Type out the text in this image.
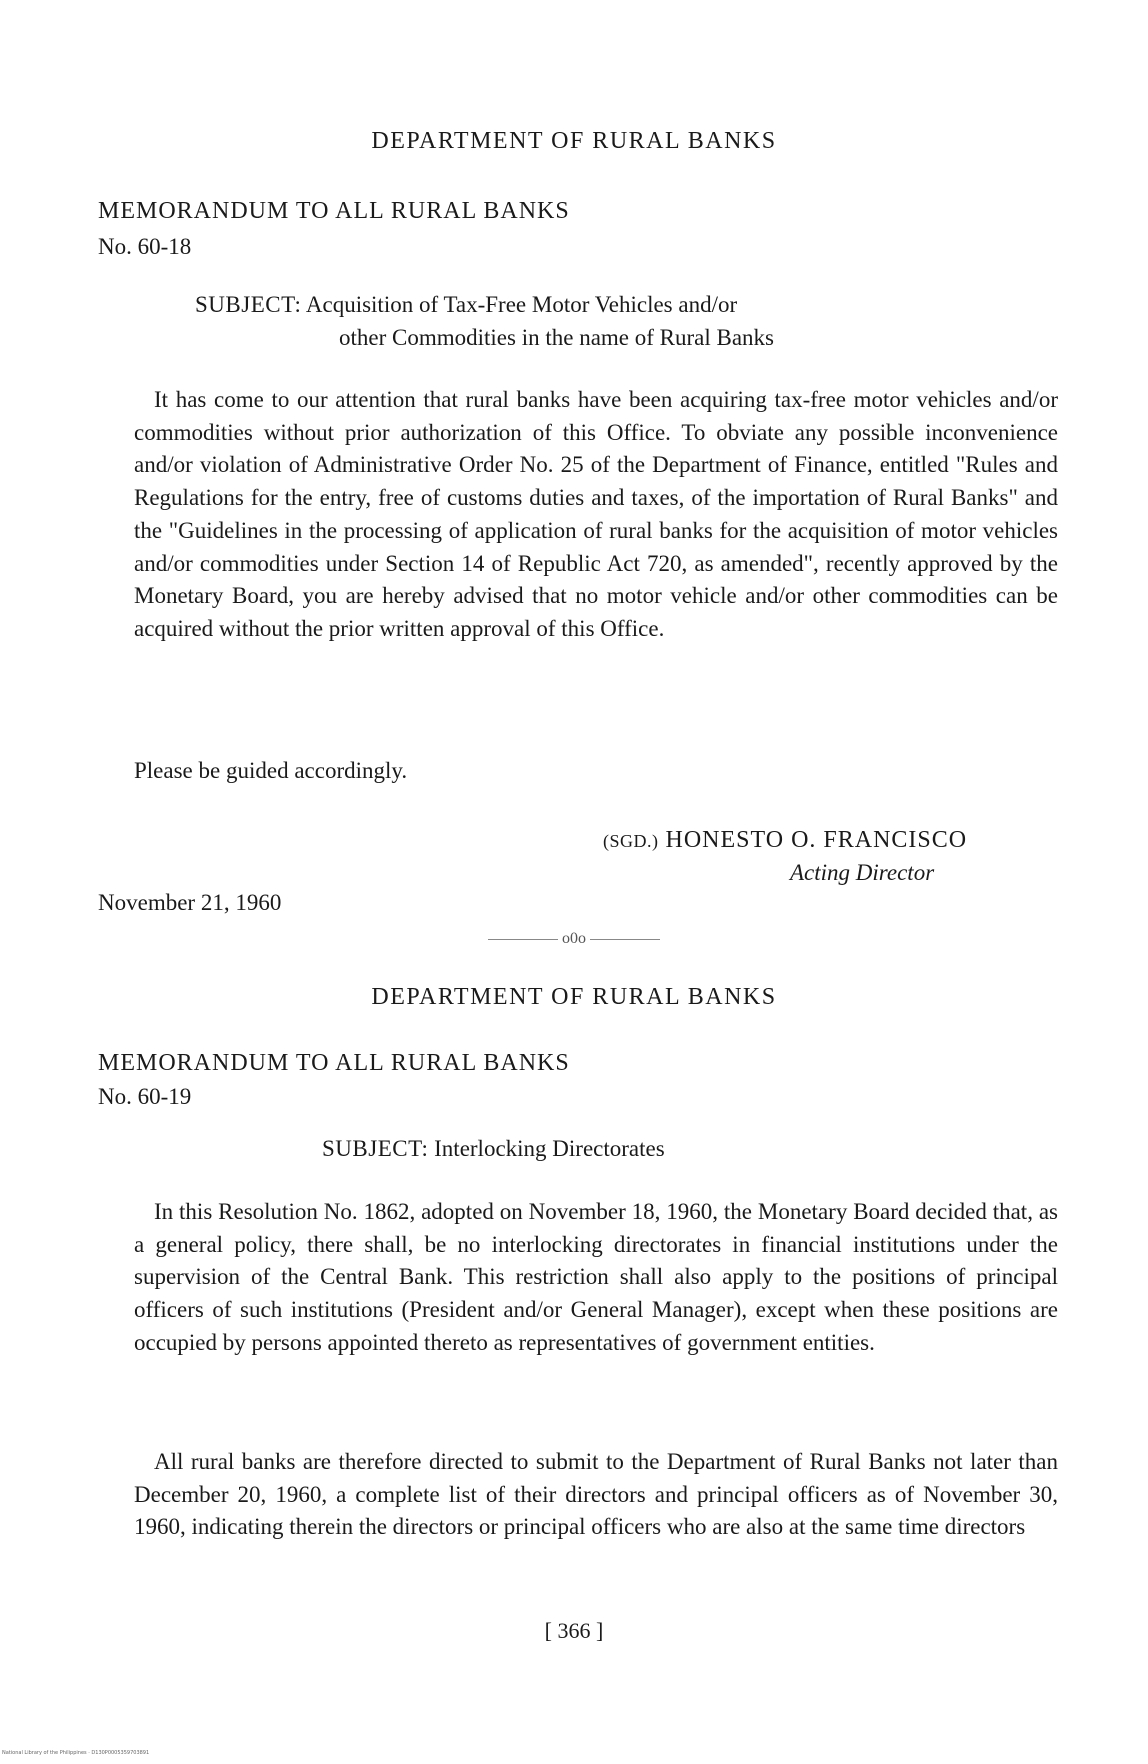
DEPARTMENT OF RURAL BANKS
MEMORANDUM TO ALL RURAL BANKS
No. 60-18
SUBJECT: Acquisition of Tax-Free Motor Vehicles and/or
other Commodities in the name of Rural Banks

It has come to our attention that rural banks have been acquiring tax-free motor vehicles and/or commodities without prior authorization of this Office. To obviate any possible inconvenience and/or violation of Administrative Order No. 25 of the Department of Finance, entitled "Rules and Regulations for the entry, free of customs duties and taxes, of the importation of Rural Banks" and the "Guidelines in the processing of application of rural banks for the acquisition of motor vehicles and/or commodities under Section 14 of Republic Act 720, as amended", recently approved by the Monetary Board, you are hereby advised that no motor vehicle and/or other commodities can be acquired without the prior written approval of this Office.

Please be guided accordingly.
(SGD.) HONESTO O. FRANCISCO
Acting Director
November 21, 1960
o0o
DEPARTMENT OF RURAL BANKS
MEMORANDUM TO ALL RURAL BANKS
No. 60-19
SUBJECT: Interlocking Directorates

In this Resolution No. 1862, adopted on November 18, 1960, the Monetary Board decided that, as a general policy, there shall, be no interlocking directorates in financial institutions under the supervision of the Central Bank. This restriction shall also apply to the positions of principal officers of such institutions (President and/or General Manager), except when these positions are occupied by persons appointed thereto as representatives of government entities.

All rural banks are therefore directed to submit to the Department of Rural Banks not later than December 20, 1960, a complete list of their directors and principal officers as of November 30, 1960, indicating therein the directors or principal officers who are also at the same time directors

[ 366 ]
National Library of the Philippines · D130P0005359703891
